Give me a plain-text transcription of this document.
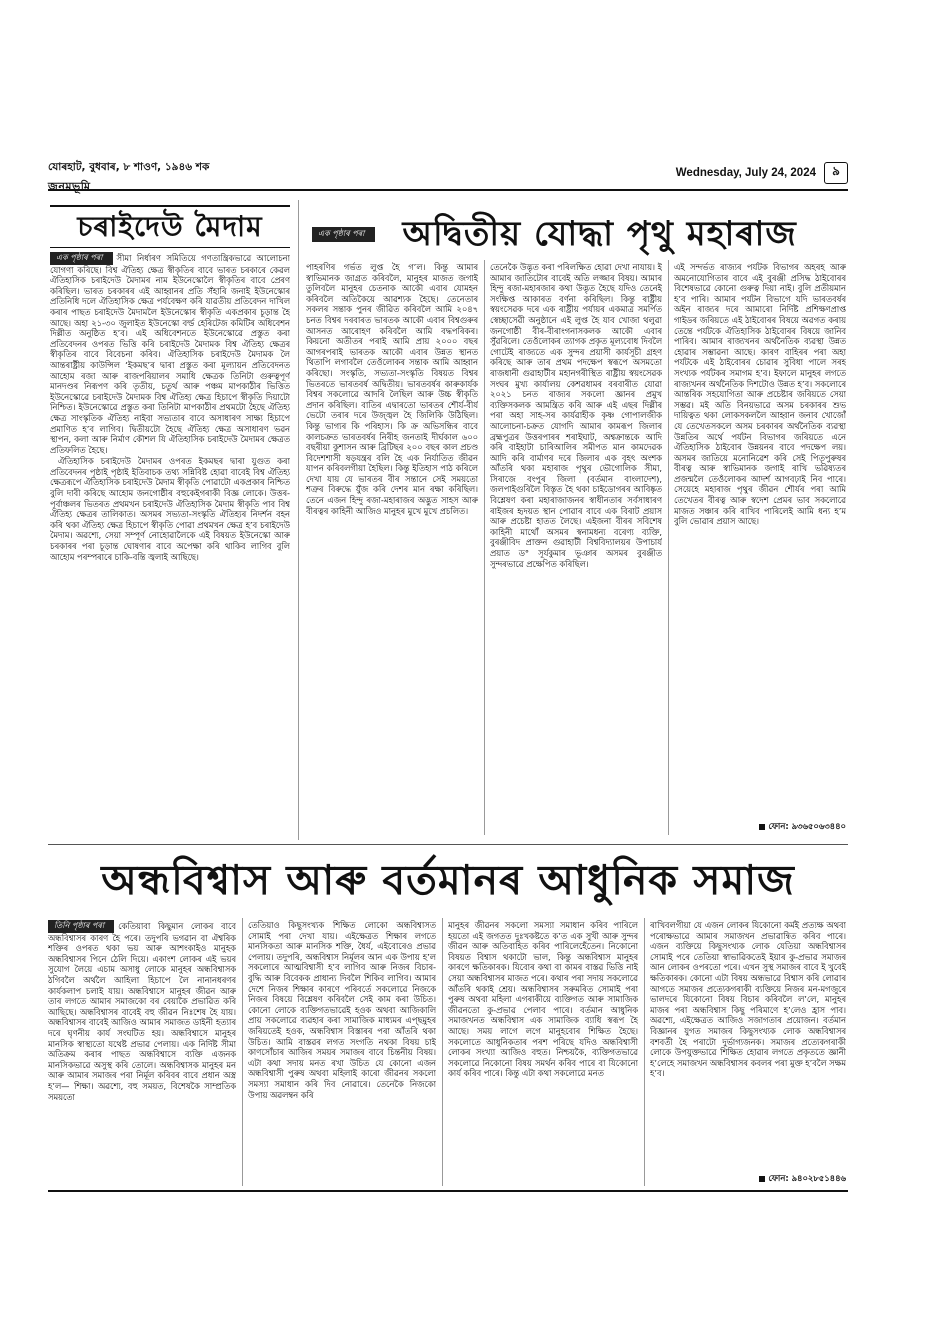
যোৰহাট, বুধবাৰ, ৮ শাওণ, ১৯৪৬ শক
জনমভূমি
Wednesday, July 24, 2024	৯
চৰাইদেউ মৈদাম

এক পৃষ্ঠাৰ পৰা সীমা নিৰ্ধাৰণ সমিতিয়ে গণতান্ত্ৰিকভাৱে আলোচনা যোগণা কৰিছে। বিশ্ব ঐতিহ্য ক্ষেত্ৰ স্বীকৃতিৰ বাবে ভাৰত চৰকাৰে কেৱল ঐতিহাসিক চৰাইদেউ মৈদামৰ নাম ইউনেস্কোলৈ স্বীকৃতিৰ বাবে প্ৰেৰণ কৰিছিল। ভাৰত চৰকাৰৰ এই আহ্বানৰ প্ৰতি সঁহাৰি জনাই ইউনেস্কোৰ প্ৰতিনিধি দলে ঐতিহাসিক ক্ষেত্ৰ পৰ্যবেক্ষণ কৰি যাৱতীয় প্ৰতিবেদন দাখিল কৰাৰ পাছত চৰাইদেউ মৈদামলৈ ইউনেস্কোৰ স্বীকৃতি একপ্ৰকাৰ চূড়ান্ত হৈ আছে। অহা ২১-৩০ জুলাইত ইউনেস্কো বৰ্ল্ড হেৰিটেজ কমিটিৰ অধিবেশন দিল্লীত অনুষ্ঠিত হ’ব। এই অধিবেশনতে ইউনেস্কোৱে প্ৰস্তুত কৰা প্ৰতিবেদনৰ ওপৰত ভিত্তি কৰি চৰাইদেউ মৈদামক বিশ্ব ঐতিহ্য ক্ষেত্ৰৰ স্বীকৃতিৰ বাবে বিবেচনা কৰিব। ঐতিহাসিক চৰাইদেউ মৈদামক লৈ আন্তৰাষ্ট্ৰীয় কাউন্সিল ‘ইকমছ’ৰ দ্বাৰা প্ৰস্তুত কৰা মূল্যায়ন প্ৰতিবেদনত আহোম ৰজা আৰু ৰাজপৰিয়ালৰ সমাধি ক্ষেত্ৰক তিনিটা গুৰুত্বপূৰ্ণ মানদণ্ডৰ নিৰূপণ কৰি তৃতীয়, চতুৰ্থ আৰু পঞ্চম মাপকাঠীৰ ভিত্তিত ইউনেস্কোৱে চৰাইদেউ মৈদামক বিশ্ব ঐতিহ্য ক্ষেত্ৰ হিচাপে স্বীকৃতি দিয়াটো নিশ্চিত। ইউনেস্কোৱে প্ৰস্তুত কৰা তিনিটা মাপকাঠীৰ প্ৰথমটো হৈছে ঐতিহ্য ক্ষেত্ৰ সাংস্কৃতিক ঐতিহ্য নাইবা সভ্যতাৰ বাবে অসাধাৰণ সাক্ষ্য হিচাপে প্ৰমাণিত হ’ব লাগিব। দ্বিতীয়টো হৈছে ঐতিহ্য ক্ষেত্ৰ অসাধাৰণ ভৱন স্থাপন, কলা আৰু নিৰ্মাণ কৌশল যি ঐতিহাসিক চৰাইদেউ মৈদামৰ ক্ষেত্ৰত প্ৰতিফলিত হৈছে।

ঐতিহাসিক চৰাইদেউ মৈদামৰ ওপৰত ইকমছৰ দ্বাৰা যুগুত কৰা প্ৰতিবেদনৰ পৃষ্ঠাই পৃষ্ঠাই ইতিবাচক তথ্য সন্নিবিষ্ট হোৱা বাবেই বিশ্ব ঐতিহ্য ক্ষেত্ৰৰূপে ঐতিহাসিক চৰাইদেউ মৈদাম স্বীকৃতি পোৱাটো একপ্ৰকাৰ নিশ্চিত বুলি দাবী কৰিছে আহোম জনগোষ্ঠীৰ বহুকেইগৰাকী বিজ্ঞ লোকে। উত্তৰ-পূৰ্বাঞ্চলৰ ভিতৰত প্ৰথমখন চৰাইদেউ ঐতিহাসিক মৈদাম স্বীকৃতি পাব বিশ্ব ঐতিহ্য ক্ষেত্ৰৰ তালিকাত। অসমৰ সভ্যতা-সংস্কৃতি ঐতিহ্যৰ নিদৰ্শন বহন কৰি থকা ঐতিহ্য ক্ষেত্ৰ হিচাপে স্বীকৃতি পোৱা প্ৰথমখন ক্ষেত্ৰ হ’ব চৰাইদেউ মৈদাম। অৱশ্যে, সেয়া সম্পূৰ্ণ নোহোৱালৈকে এই বিষয়ত ইউনেস্কো আৰু চৰকাৰৰ পৰা চূড়ান্ত ঘোষণাৰ বাবে অপেক্ষা কৰি থাকিব লাগিব বুলি আহোম পৰম্পৰাৰে চাকি-বন্তি জ্বলাই আছিছে।

এক পৃষ্ঠাৰ পৰা অদ্বিতীয় যোদ্ধা পৃথু মহাৰাজ

পাহৰণিৰ গৰ্ভত লুপ্ত হৈ গ’ল। কিন্তু আমাৰ স্বাভিমানক জাগ্ৰত কৰিবলৈ, মানুহৰ মাজত জগাই তুলিবলৈ মানুহৰ চেতনাক আকৌ এবাৰ যোমহন কৰিবলৈ অতিকৈয়ে আৱশ্যক হৈছে। তেনেতাৰ সকলৰ সন্তাক পুনৰ জীৱিত কৰিবলৈ আমি ২০৪৭ চনত বিশ্বৰ দৰবাৰত ভাৰতক আকৌ এবাৰ বিশ্বগুৰুৰ আসনত আৰোহণ কৰিবলৈ আমি বদ্ধপৰিকৰ। কিয়নো অতীতৰ পৰাই আমি প্ৰায় ২০০০ বছৰ আগৰপৰাই ভাৰতক আকৌ এবাৰ উন্নত স্থানত থিতাপি লগাবলৈ তেওঁলোকৰ সন্তাক আমি আহ্বান কৰিছো। সংস্কৃতি, সভ্যতা-সংস্কৃতি বিষয়ত বিশ্বৰ ভিতৰতে ভাৰতবৰ্ষ অদ্বিতীয়। ভাৰতবৰ্ষৰ কাৰুকাৰ্যক বিশ্বৰ সকলোৱে আদৰি লৈছিল আৰু উচ্চ স্বীকৃতি প্ৰদান কৰিছিল। বাতিৰ এদ্বাৰতো ভাৰতৰ শৌৰ্য-বীৰ্য ভেটো তৰাৰ দৰে উজ্জ্বল হৈ জিলিকি উঠিছিল। কিন্তু ভাগ্যৰ কি পৰিহাস। কি ক্ৰ অভিসন্ধিৰ বাবে কালচক্ৰত ভাৰতবৰ্ষৰ নিৰীহ জনতাই দীৰ্ঘকাল ৬০০ বছৰীয়া কুশাসন আৰু ব্ৰিটিছৰ ২০০ বছৰ কাল প্ৰচণ্ড বিদেশশাসী ষড়যন্ত্ৰৰ বলি হৈ এক নিৰ্যাতিত জীৱন যাপন কৰিবলগীয়া হৈছিল। কিন্তু ইতিহাস পাঠ কৰিলে দেখা যায় যে ভাৰতৰ বীৰ সন্তানে সেই সময়তো শত্ৰুৰ বিৰুদ্ধে যুঁজ কৰি দেশৰ মান ৰক্ষা কৰিছিল। তেনে এজন হিন্দু ৰজা-মহাৰাজৰ অদ্ভুত সাহস আৰু বীৰত্বৰ কাহিনী আজিও মানুহৰ মুখে মুখে প্ৰচলিত।

তেনেকৈ উদ্ভৃত কৰা পৰিলক্ষিত হোৱা দেখা নাযায়। ই আমাৰ জাতিটোৰ বাবেই অতি লজ্জাৰ বিষয়। আমাৰ হিন্দু ৰজা-মহাৰজাৰ কথা উদ্ভৃত হৈছে যদিও তেনেই সংক্ষিপ্ত আকাৰত বৰ্ণনা কৰিছিল। কিন্তু ৰাষ্ট্ৰীয় স্বয়ংসেৱক দৰে এক ৰাষ্ট্ৰীয় পৰ্যায়ৰ একমাত্ৰ সমৰ্পিত স্বেচ্ছাসেৱী অনুষ্ঠানে এই লুপ্ত হৈ যাব খোজা থলুৱা জনগোষ্ঠী বীৰ-বীৰাংগনাসকলক আকৌ এবাৰ সুঁৱৰিলে। তেওঁলোকৰ ত্যাগক প্ৰকৃত মূল্যবোধ দিবলৈ গোটেই ৰাজ্যতে এক সুন্দৰ প্ৰয়াসী কাৰ্যসূচী গ্ৰহণ কৰিছে আৰু তাৰ প্ৰথম পদক্ষেপ স্বৰূপে অসমতো ৰাজধানী গুৱাহাটীৰ মহানগৰীস্থিত ৰাষ্ট্ৰীয় স্বয়ংসেৱক সংঘৰ মুখ্য কাৰ্যালয় কেশৱধামৰ বৰবাৰীত যোৱা ২০২১ চনত ৰাজ্যৰ সকলো জ্ঞানৰ প্ৰমুখ ব্যক্তিসকলক আমন্ত্ৰিত কৰি আৰু এই এছৰ দিল্লীৰ পৰা অহা সাহ-সৰ কাৰ্যৱাহীক কৃষ্ণ গোপালজীক আলোচনা-চক্ৰত যোগদি আমাৰ কামৰূপ জিলাৰ ব্ৰহ্মপুত্ৰৰ উত্তৰপাৰৰ শৰাইঘাট, অশ্বক্ৰান্তকে আদি কৰি বাইহাটা চাৰিআলিৰ সমীপত মান কামদেৱক আদি কৰি বাৰ্মাণৰ দৰে জিলাৰ এক বৃহৎ অংশক আঁতৰি থকা মহাৰাজ পৃথুৰ ভৌগোলিক সীমা, সিৰাজে বংপুৰ জিলা (বৰ্তমান বাংলাদেশ), জলপাইগুৰিলৈ বিস্তৃত হৈ থকা চাইডোগৰৰ আবিষ্কৃত বিশ্লেষণ কৰা মহাৰাজাজনৰ স্বাধীনতাৰ সৰ্বসাধাৰণ ৰাইজৰ হৃদয়ত স্থান পোৱাৰ বাবে এক বিৰাট প্ৰয়াস আৰু প্ৰচেষ্টা হাতত লৈছে। এইজনা বীৰৰ সবিশেষ কাহিনী মাথোঁ অসমৰ স্বনামধন্য বৰেণ্য ব্যক্তি, বুৰঞ্জীবিদ প্ৰাক্তন গুৱাহাটী বিশ্ববিদ্যালয়ৰ উপাচাৰ্য প্ৰয়াত ড° সূৰ্যকুমাৰ ভূঞাৰ অসমৰ বুৰঞ্জীত সুন্দৰভাৱে প্ৰক্ষেপিত কৰিছিল।

এই সন্দৰ্ভত ৰাজ্যৰ পৰ্যটক বিভাগৰ অহৰহ আৰু অমনোযোগিতাৰ বাবে এই বুৰঞ্জী প্ৰসিদ্ধ ঠাইবোৰৰ বিশেষভাৱে কোনো গুৰুত্ব দিয়া নাই। বুলি প্ৰতীয়মান হ’ব পাৰি। আমাৰ পৰ্যটন বিভাগে যদি ভাৰতবৰ্ষৰ অইন ৰাজ্যৰ দৰে আমাৰো নিৰ্দিষ্ট প্ৰশিক্ষণপ্ৰাপ্ত গাইডৰ জৰিয়তে এই ঠাইবোৰৰ বিষয়ে অৱগত কৰায় তেন্তে পৰ্যটকে ঐতিহাসিক ঠাইবোৰৰ বিষয়ে জানিব পাৰিব। আমাৰ ৰাজ্যখনৰ অৰ্থনৈতিক ব্যৱস্থা উন্নত হোৱাৰ সম্ভাৱনা আছে। কাৰণ বাহিৰৰ পৰা অহা পৰ্যটকে এই ঠাইবোৰৰ চোৱাৰ সুবিধা পালে সৰহ সংখ্যক পৰ্যটকৰ সমাগম হ’ব। ইফালে মানুহৰ লগতে ৰাজ্যখনৰ অৰ্থনৈতিক দিশটোও উন্নত হ’ব। সকলোৰে আন্তৰিক সহযোগিতা আৰু প্ৰচেষ্টাৰ জৰিয়তে সেয়া সম্ভৱ। মই অতি বিনয়ভাৱে অসম চৰকাৰৰ শুভ দায়িত্বত থকা লোকসকললৈ আহ্বান জনাব খোজোঁ যে তেখেতসকলে অসম চৰকাৰৰ অৰ্থনৈতিক ব্যৱস্থা উন্নতিৰ অৰ্থে পৰ্যটন বিভাগৰ জৰিয়তে এনে ঐতিহাসিক ঠাইবোৰ উন্নয়নৰ বাবে পদক্ষেপ লয়। অসমৰ জাতিয়ে মনোনিৱেশ কৰি সেই পিতৃপুৰুষৰ বীৰত্ব আৰু স্বাভিমানক জগাই ৰাখি ভৱিষ্যতৰ প্ৰজন্মলৈ তেওঁলোকৰ আদৰ্শ আগবঢ়াই নিব পাৰে। সেয়েহে মহাৰাজ পৃথুৰ জীৱন শৌৰ্যৰ পৰা আমি তেখেতৰ বীৰত্ব আৰু স্বদেশ প্ৰেমৰ ভাব সকলোৱে মাজত সঞ্চাৰ কৰি ৰাখিব পাৰিলেই আমি ধন্য হ’ম বুলি ভোৱাৰ প্ৰয়াস আছে।

ফোন: ৯৩৬৫০৬৩৪৪০
অন্ধবিশ্বাস আৰু বৰ্তমানৰ আধুনিক সমাজ

তিনি পৃষ্ঠাৰ পৰা কেতিয়াবা কিছুমান লোকৰ বাবে অন্ধবিশ্বাসৰ কাৰণ হৈ পৰে। তদুপৰি ভগৱান বা ঐশ্বৰিক শক্তিৰ ওপৰত থকা ভয় আৰু আশংকাইও মানুহক অন্ধবিশ্বাসৰ পিনে ঠেলি দিয়ে। একাংশ লোকৰ এই ভয়ৰ সুযোগ লৈয়ে এচাম অসাধু লোকে মানুহৰ অন্ধবিশ্বাসক ঠগিবলৈ অৰ্থলৈ আহিলা হিচাপে লৈ নানানধৰণৰ কাৰ্যকলাপ চলাই যায়। অন্ধবিশ্বাসে মানুহৰ জীৱন আৰু তাৰ লগতে আমাৰ সমাজকো বৰ বেয়াকৈ প্ৰভাৱিত কৰি আছিছে। অন্ধবিশ্বাসৰ বাবেই বহু জীৱন নিঃশেষ হৈ যায়। অন্ধবিশ্বাসৰ বাবেই আজিও আমাৰ সমাজত ডাইনী হত্যাৰ দৰে ঘৃণনীয় কাৰ্য সংঘটিত হয়। অন্ধবিশ্বাসে মানুহৰ মানসিক স্বাস্থ্যতো যথেষ্ট প্ৰভাৱ পেলায়। এক নিৰ্দিষ্ট সীমা অতিক্ৰম কৰাৰ পাছত অন্ধবিশ্বাসে ব্যক্তি এজনক মানসিকভাৱে অসুস্থ কৰি তোলে। অন্ধবিশ্বাসক মানুহৰ মন আৰু আমাৰ সমাজৰ পৰা নিৰ্মূল কৰিবৰ বাবে প্ৰধান অস্ত্ৰ হ’ল— শিক্ষা। অৱশ্যে, বহু সময়ত, বিশেষকৈ সাম্প্ৰতিক সময়তো

তেতিয়াও কিছুসংখ্যক শিক্ষিত লোকো অন্ধবিশ্বাসত সোমাই পৰা দেখা যায়। এইক্ষেত্ৰত শিক্ষাৰ লগতে মানসিকতা আৰু মানসিক শক্তি, ধৈৰ্য, এইবোৰেও প্ৰভাৱ পেলায়। তদুপৰি, অন্ধবিশ্বাস নিৰ্মূলৰ আন এক উপায় হ’ল সকলোৰে আত্মবিশ্বাসী হ’ব লাগিব আৰু নিজৰ বিচাৰ-বুদ্ধি আৰু বিবেকক প্ৰাধান্য দিবলৈ শিকিব লাগিব। আমাৰ দেশে নিজৰ শিক্ষাৰ কাৰণে পৰিবৰ্তে সকলোৱে নিজকে নিজৰ বিষয়ে বিশ্লেষণ কৰিবলৈ সেই কাম কৰা উচিত। কোনো লোকে ব্যক্তিগতভাৱেই হওক অথবা আজিকালি প্ৰায় সকলোৱে ব্যৱহাৰ কৰা সামাজিক মাধ্যমৰ এপ্‌ছমুহৰ জৰিয়তেই হওক, অন্ধবিশ্বাস বিস্তাৰৰ পৰা আঁতৰি থকা উচিত। আমি বাস্তৱৰ লগত সংগতি নথকা বিষয় চাই কাণসোঁচাৰ আজিৰ সময়ৰ সমাজৰ বাবে চিন্তনীয় বিষয়। এটা কথা সদায় মনত ৰখা উচিত যে কোনো এজন অন্ধবিশ্বাসী পুৰুষ অথবা মহিলাই কাৰো জীৱনৰ সকলো সমস্যা সমাধান কৰি দিব নোৱাৰে। তেনেকৈ নিজকো উপায় অৱলম্বন কৰি

মানুহৰ জীৱনৰ সকলো সমস্যা সমাধান কৰিব পাৰিলে হয়তো এই জগতত দুঃখকষ্টতে ক’ত এক সুখী আৰু সুন্দৰ জীৱন আৰু অতিবাহিত কৰিব পাৰিলেহেঁতেন। নিকোনো বিষয়ত বিশ্বাস থকাটো ভাল, কিন্তু অন্ধবিশ্বাস মানুহৰ কাৰণে ক্ষতিকাৰক। যিবোৰ কথা বা কামৰ বাস্তৱ ভিত্তি নাই সেয়া অন্ধবিশ্বাসৰ মাজত পৰে। কথাৰ পৰা সদায় সকলোৱে আঁতৰি থকাই শ্ৰেয়। অন্ধবিশ্বাসৰ সৰুমৰিত সোমাই পৰা পুৰুষ অথবা মহিলা এগৰাকীয়ে ব্যক্তিগত আৰু সামাজিক জীৱনতো কু-প্ৰভাৱ পেলাব পাৰে। বৰ্তমান আধুনিক সমাজখনত অন্ধবিশ্বাস এক সামাজিক ব্যাধি স্বৰূপ হৈ আছে। সময় লাগে লগে মানুহবোৰ শিক্ষিত হৈছে। সকলোতে আধুনিকতাৰ পৰশ পৰিছে যদিও অন্ধবিশ্বাসী লোকৰ সংখ্যা আজিও বহুত। নিশ্চয়কৈ, ব্যক্তিগতভাৱে সকলোৱে নিকোনো বিষয় সমৰ্থন কৰিব পাৰে বা যিকোনো কাৰ্য কৰিব পাৰে। কিন্তু এটা কথা সকলোৱে মনত

ৰাখিবলগীয়া যে এজন লোকৰ যিকোনো কৰ্মই প্ৰত্যক্ষ অথবা পৰোক্ষভাৱে আমাৰ সমাজখন প্ৰভাৱান্বিত কৰিব পাৰে। এজন ব্যক্তিয়ে কিছুসংখ্যক লোক যেতিয়া অন্ধবিশ্বাসৰ সোমাই পৰে তেতিয়া স্বাভাৱিকতেই ইয়াৰ কু-প্ৰভাৱ সমাজৰ আন লোকৰ ওপৰতো পৰে। এখন সুস্থ সমাজৰ বাবে ই খুবেই ক্ষতিকাৰক। কোনো এটা বিষয় অন্ধভাৱে বিশ্বাস কৰি লোৱাৰ আগতে সমাজৰ প্ৰত্যেকগৰাকী ব্যক্তিয়ে নিজৰ মন-মগজুৰে ভালদৰে যিকোনো বিষয় বিচাৰ কৰিবলৈ ল’লে, মানুহৰ মাজৰ পৰা অন্ধবিশ্বাস কিছু পৰিমাণে হ’লেও হ্ৰাস পাব। অৱশ্যে, এইক্ষেত্ৰত আজিও সজাগতাৰ প্ৰয়োজন। বৰ্তমান বিজ্ঞানৰ যুগত সমাজৰ কিছুসংখ্যক লোক অন্ধবিশ্বাসৰ বশবৰ্তী হৈ পৰাটো দুৰ্ভাগ্যজনক। সমাজৰ প্ৰত্যেকগৰাকী লোকে উপযুক্তভাৱে শিক্ষিত হোৱাৰ লগতে প্ৰকৃততে জ্ঞানী হ’লেহে সমাজখন অন্ধবিশ্বাসৰ কবলৰ পৰা মুক্ত হ’বলৈ সক্ষম হ’ব।

ফোন: ৯৪০২৮৫১৪৪৬
